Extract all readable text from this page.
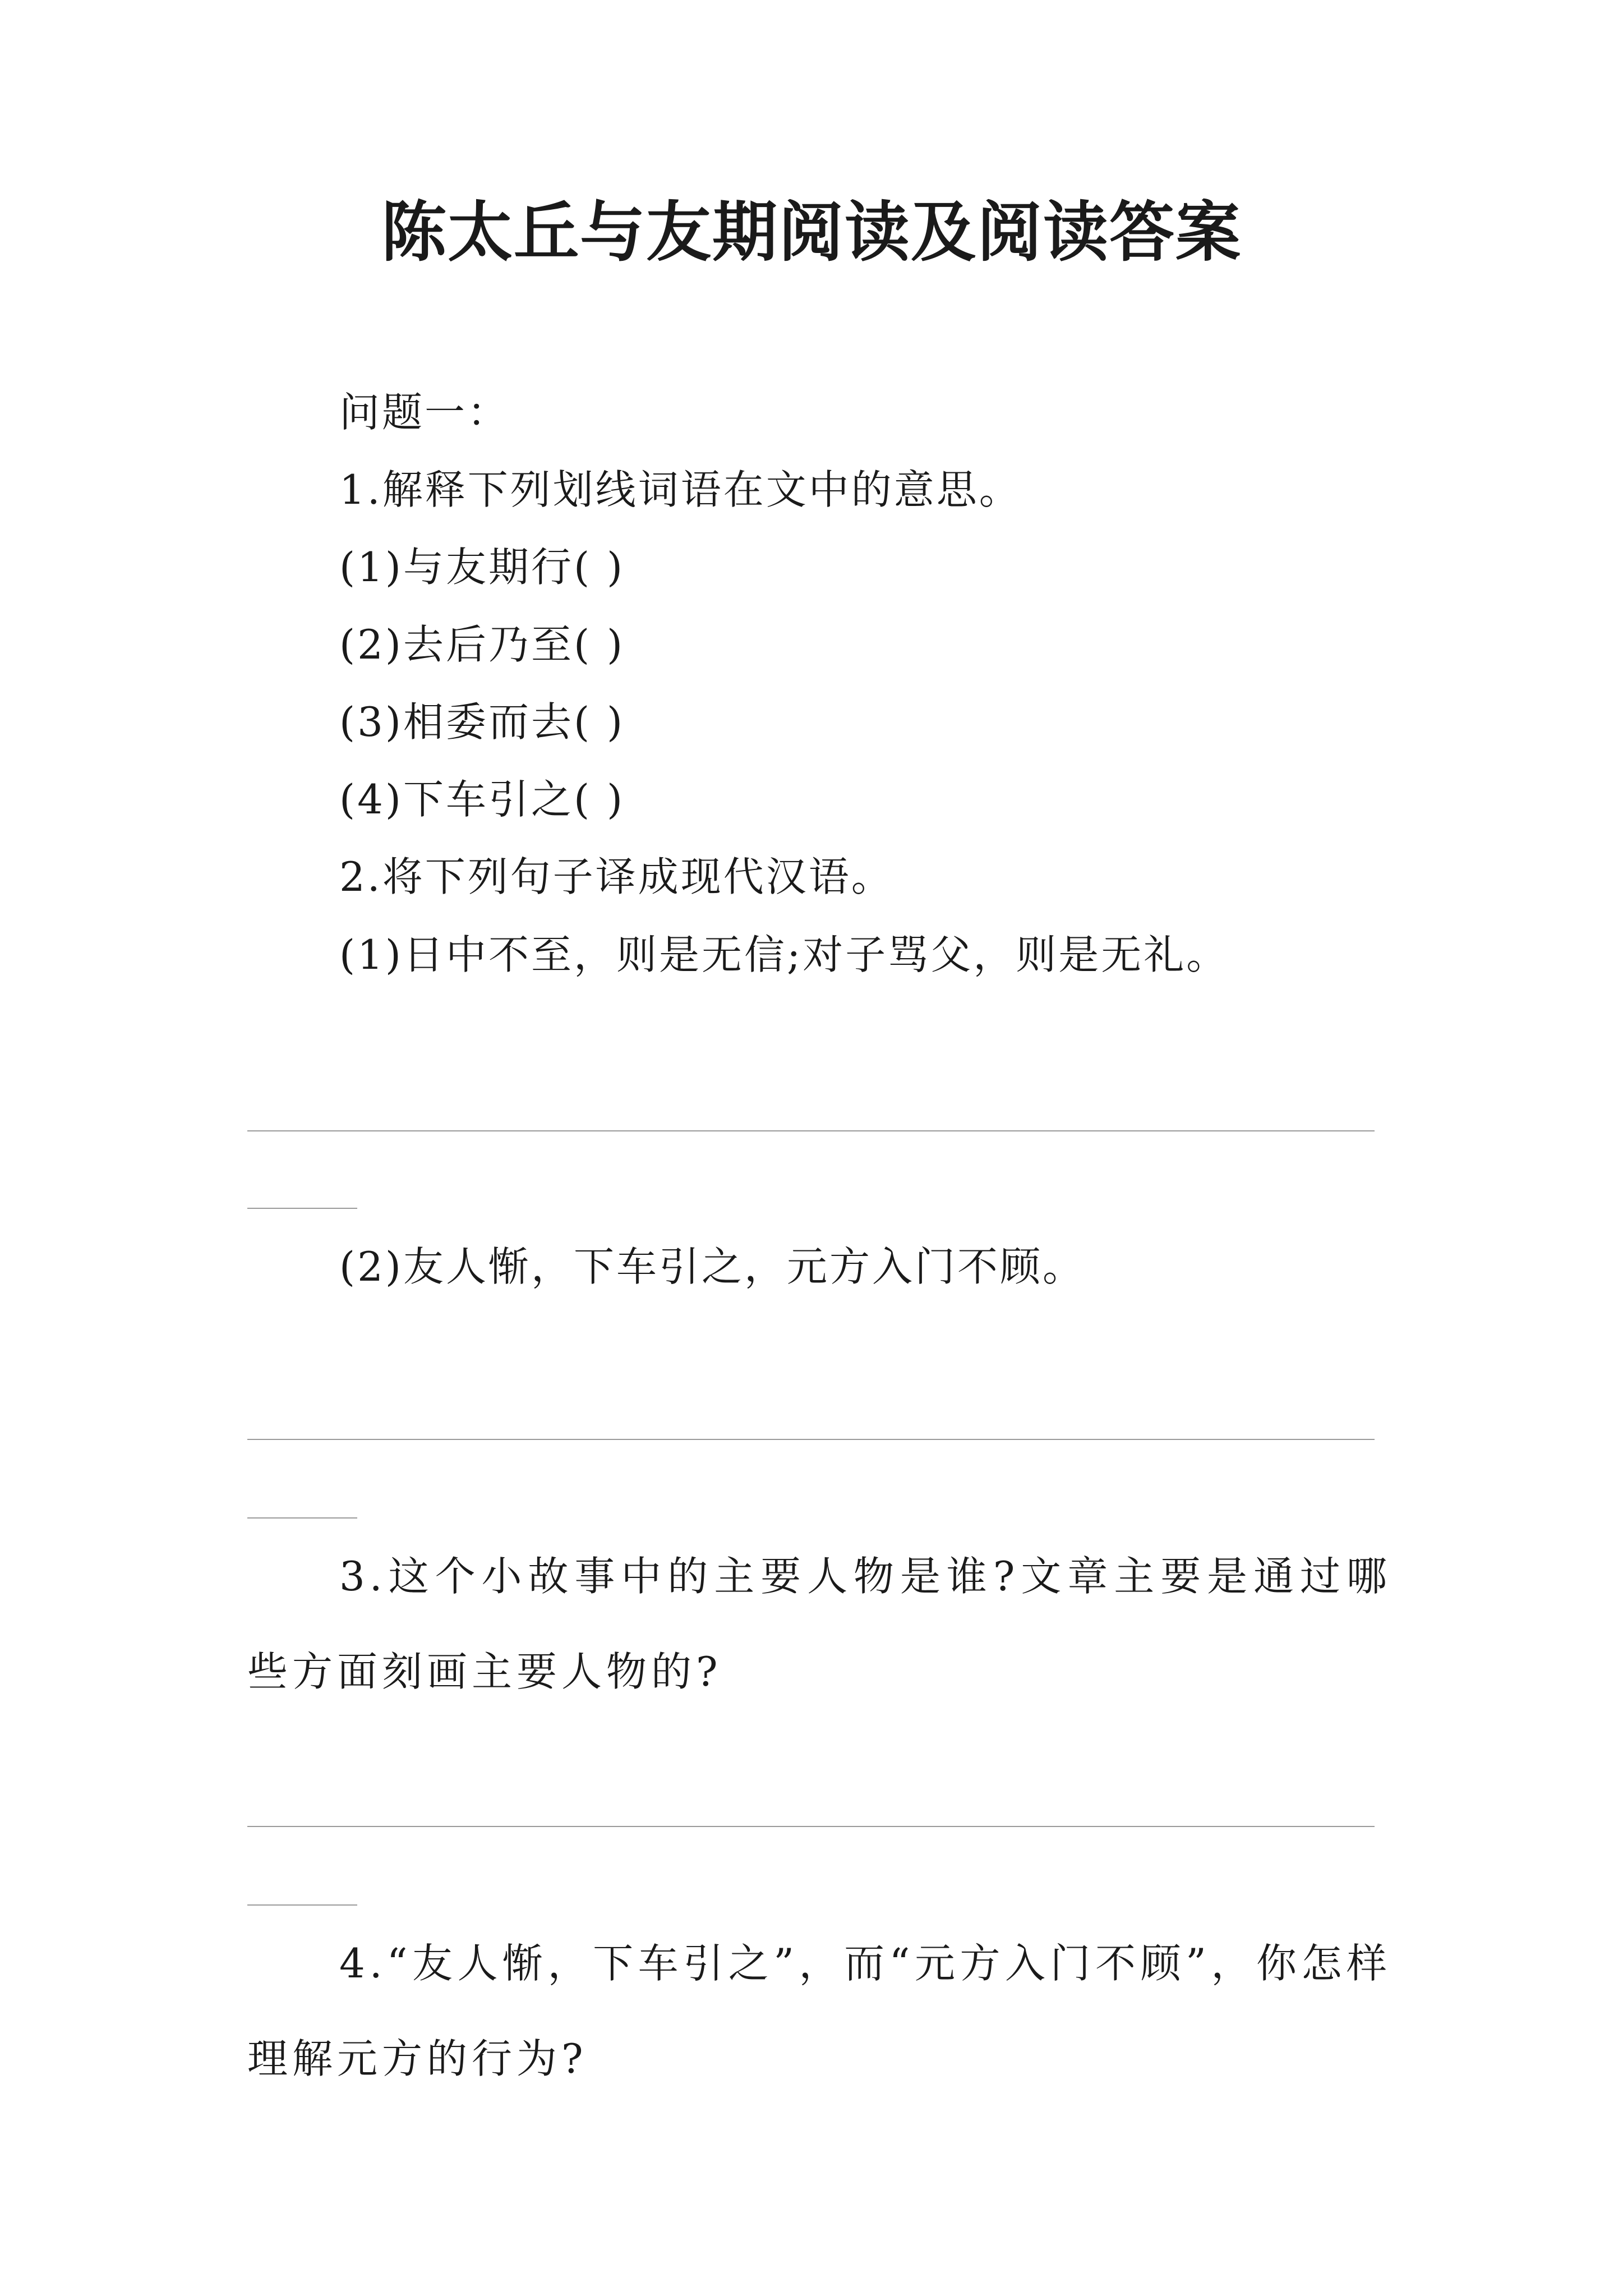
陈太丘与友期阅读及阅读答案
问题一：
1.解释下列划线词语在文中的意思。
(1)与友期行( )
(2)去后乃至( )
(3)相委而去( )
(4)下车引之( )
2.将下列句子译成现代汉语。
(1)日中不至，则是无信;对子骂父，则是无礼。
(2)友人惭，下车引之，元方入门不顾。
3.这个小故事中的主要人物是谁?文章主要是通过哪些方面刻画主要人物的?
4.“友人惭，下车引之”，而“元方入门不顾”，你怎样理解元方的行为?
